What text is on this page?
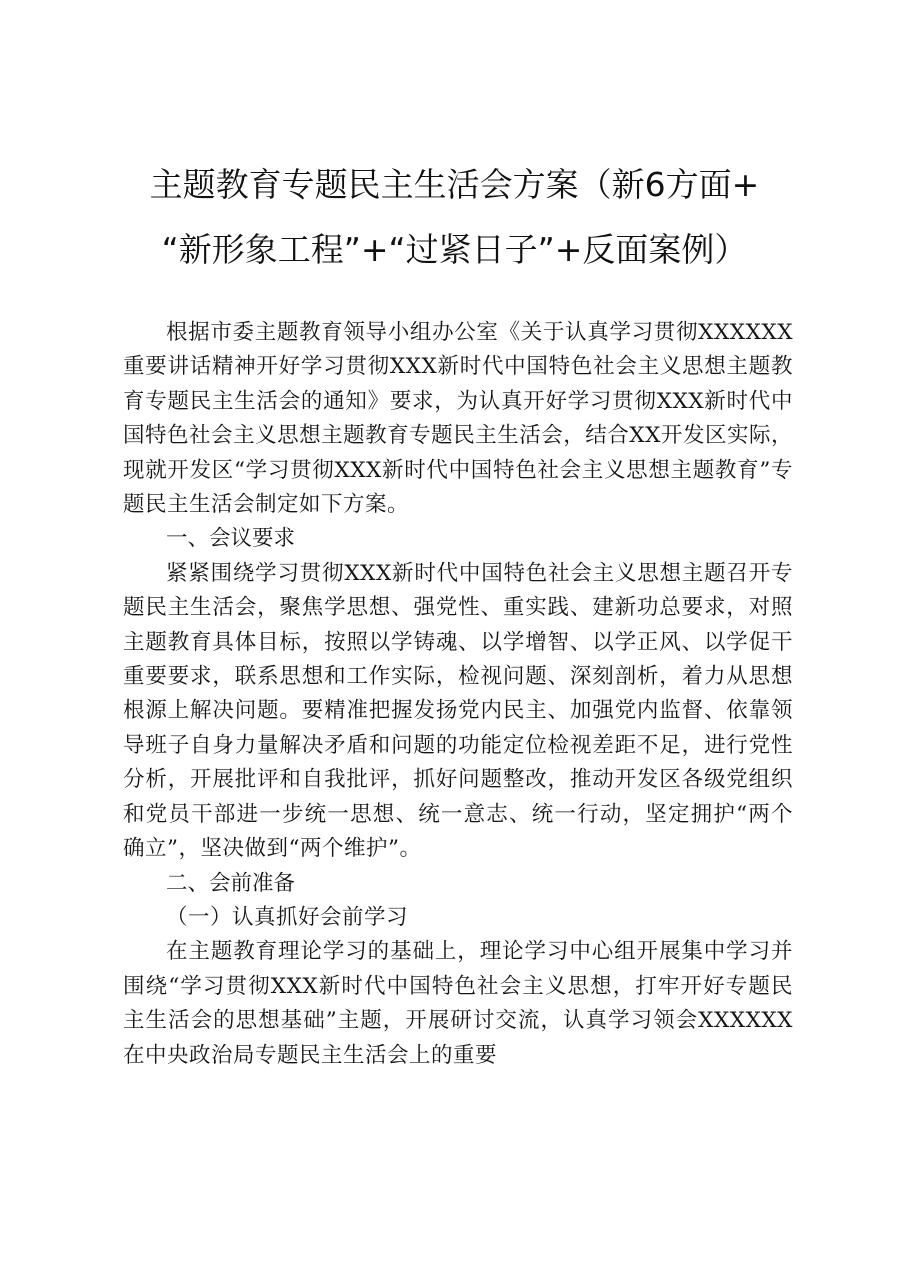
主题教育专题民主生活会方案（新6方面+
“新形象工程”+“过紧日子”+反面案例）

根据市委主题教育领导小组办公室《关于认真学习贯彻XXXXXX重要讲话精神开好学习贯彻XXX新时代中国特色社会主义思想主题教育专题民主生活会的通知》要求，为认真开好学习贯彻XXX新时代中国特色社会主义思想主题教育专题民主生活会，结合XX开发区实际，现就开发区“学习贯彻XXX新时代中国特色社会主义思想主题教育”专题民主生活会制定如下方案。

一、会议要求

紧紧围绕学习贯彻XXX新时代中国特色社会主义思想主题召开专题民主生活会，聚焦学思想、强党性、重实践、建新功总要求，对照主题教育具体目标，按照以学铸魂、以学增智、以学正风、以学促干重要要求，联系思想和工作实际，检视问题、深刻剖析，着力从思想根源上解决问题。要精准把握发扬党内民主、加强党内监督、依靠领导班子自身力量解决矛盾和问题的功能定位检视差距不足，进行党性分析，开展批评和自我批评，抓好问题整改，推动开发区各级党组织和党员干部进一步统一思想、统一意志、统一行动，坚定拥护“两个确立”，坚决做到“两个维护”。

二、会前准备
（一）认真抓好会前学习

在主题教育理论学习的基础上，理论学习中心组开展集中学习并围绕“学习贯彻XXX新时代中国特色社会主义思想，打牢开好专题民主生活会的思想基础”主题，开展研讨交流，认真学习领会XXXXXX在中央政治局专题民主生活会上的重要
